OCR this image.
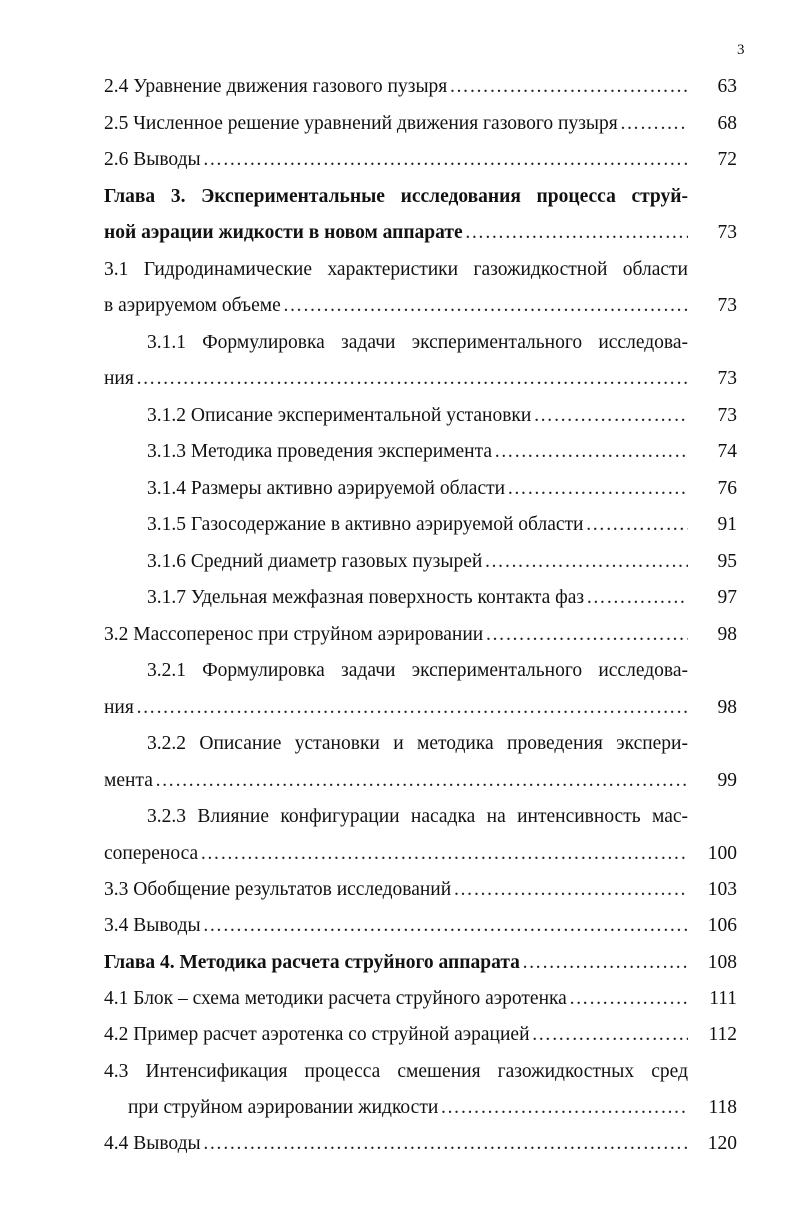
3
2.4 Уравнение движения газового пузыря ……………………………………………………………………………………………………………………………………………………………………	63
2.5 Численное решение уравнений движения газового пузыря ……………………………………………………………………………………………………………………………………………………………………	68
2.6 Выводы ……………………………………………………………………………………………………………………………………………………………………	72
Глава 3. Экспериментальные исследования процесса струй-
ной аэрации жидкости в новом аппарате ……………………………………………………………………………………………………………………………………………………………………	73
3.1 Гидродинамические характеристики газожидкостной области
в аэрируемом объеме ……………………………………………………………………………………………………………………………………………………………………	73
3.1.1 Формулировка задачи экспериментального исследова-
ния ……………………………………………………………………………………………………………………………………………………………………	73
3.1.2 Описание экспериментальной установки ……………………………………………………………………………………………………………………………………………………………………	73
3.1.3 Методика проведения эксперимента ……………………………………………………………………………………………………………………………………………………………………	74
3.1.4 Размеры активно аэрируемой области ……………………………………………………………………………………………………………………………………………………………………	76
3.1.5 Газосодержание в активно аэрируемой области ……………………………………………………………………………………………………………………………………………………………………	91
3.1.6 Средний диаметр газовых пузырей ……………………………………………………………………………………………………………………………………………………………………	95
3.1.7 Удельная межфазная поверхность контакта фаз ……………………………………………………………………………………………………………………………………………………………………	97
3.2 Массоперенос при струйном аэрировании ……………………………………………………………………………………………………………………………………………………………………	98
3.2.1 Формулировка задачи экспериментального исследова-
ния ……………………………………………………………………………………………………………………………………………………………………	98
3.2.2 Описание установки и методика проведения экспери-
мента ……………………………………………………………………………………………………………………………………………………………………	99
3.2.3 Влияние конфигурации насадка на интенсивность мас-
сопереноса ……………………………………………………………………………………………………………………………………………………………………	100
3.3 Обобщение результатов исследований ……………………………………………………………………………………………………………………………………………………………………	103
3.4 Выводы ……………………………………………………………………………………………………………………………………………………………………	106
Глава 4. Методика расчета струйного аппарата ……………………………………………………………………………………………………………………………………………………………………	108
4.1 Блок – схема методики расчета струйного аэротенка ……………………………………………………………………………………………………………………………………………………………………	111
4.2 Пример расчет аэротенка со струйной аэрацией ……………………………………………………………………………………………………………………………………………………………………	112
4.3 Интенсификация процесса смешения газожидкостных сред
при струйном аэрировании жидкости ……………………………………………………………………………………………………………………………………………………………………	118
4.4 Выводы ……………………………………………………………………………………………………………………………………………………………………	120
